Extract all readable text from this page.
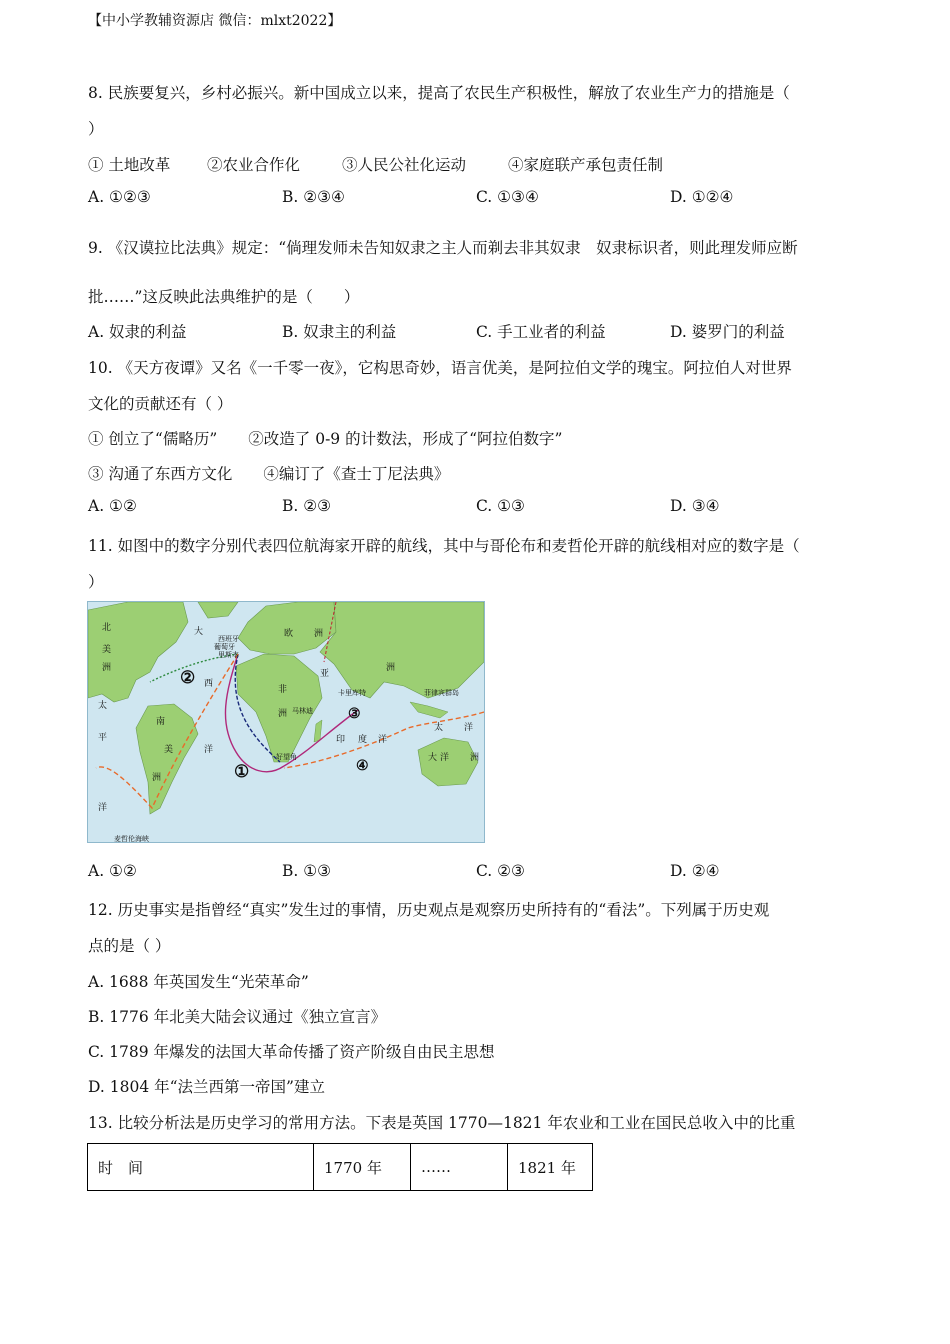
【中小学教辅资源店 微信：mlxt2022】
8. 民族要复兴，乡村必振兴。新中国成立以来，提高了农民生产积极性，解放了农业生产力的措施是（
）
① 土地改革 ②农业合作化	③人民公社化运动	④家庭联产承包责任制
A. ①②③	B. ②③④	C. ①③④	D. ①②④
9. 《汉谟拉比法典》规定：“倘理发师未告知奴隶之主人而剃去非其奴隶　奴隶标识者，则此理发师应断
批……”这反映此法典维护的是（　　）
A. 奴隶的利益	B. 奴隶主的利益	C. 手工业者的利益	D. 婆罗门的利益
10. 《天方夜谭》又名《一千零一夜》，它构思奇妙，语言优美，是阿拉伯文学的瑰宝。阿拉伯人对世界
文化的贡献还有（ ）
① 创立了“儒略历”　　②改造了 0-9 的计数法，形成了“阿拉伯数字”
③ 沟通了东西方文化　　④编订了《查士丁尼法典》
A. ①②	B. ②③	C. ①③	D. ③④
11. 如图中的数字分别代表四位航海家开辟的航线，其中与哥伦布和麦哲伦开辟的航线相对应的数字是（
）
北
美
洲
太
平
洋
大
西
洋
南
美
洲
欧 洲
亚
洲
非
洲
印 度 洋
大 洋 洲
西班牙
葡萄牙
里斯本
卡里库特
马林迪
好望角
菲律宾群岛
麦哲伦海峡
太 洋
①
②
③
④
A. ①②	B. ①③	C. ②③	D. ②④
12. 历史事实是指曾经“真实”发生过的事情，历史观点是观察历史所持有的“看法”。下列属于历史观
点的是（ ）
A. 1688 年英国发生“光荣革命”
B. 1776 年北美大陆会议通过《独立宣言》
C. 1789 年爆发的法国大革命传播了资产阶级自由民主思想
D. 1804 年“法兰西第一帝国”建立
13. 比较分析法是历史学习的常用方法。下表是英国 1770—1821 年农业和工业在国民总收入中的比重
时　间	1770 年	……	1821 年
